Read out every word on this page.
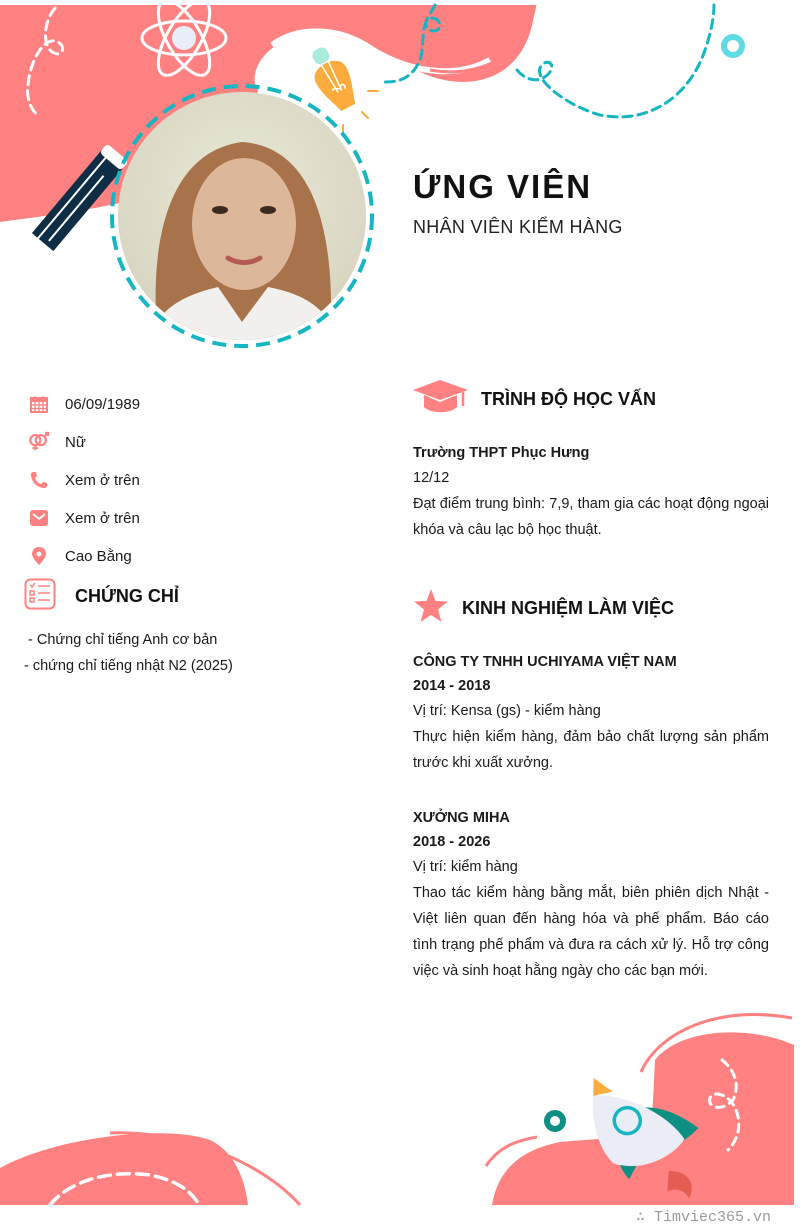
ỨNG VIÊN
NHÂN VIÊN KIỂM HÀNG
06/09/1989
Nữ
Xem ở trên
Xem ở trên
Cao Bằng
CHỨNG CHỈ
- Chứng chỉ tiếng Anh cơ bản
- chứng chỉ tiếng nhật N2 (2025)
TRÌNH ĐỘ HỌC VẤN
Trường THPT Phục Hưng
12/12
Đạt điểm trung bình: 7,9, tham gia các hoạt động ngoại khóa và câu lạc bộ học thuật.
KINH NGHIỆM LÀM VIỆC
CÔNG TY TNHH UCHIYAMA VIỆT NAM
2014 - 2018
Vị trí: Kensa (gs) - kiểm hàng
Thực hiện kiểm hàng, đảm bảo chất lượng sản phẩm trước khi xuất xưởng.
XƯỞNG MIHA
2018 - 2026
Vị trí: kiểm hàng
Thao tác kiểm hàng bằng mắt, biên phiên dịch Nhật - Việt liên quan đến hàng hóa và phế phẩm. Báo cáo tình trạng phế phẩm và đưa ra cách xử lý. Hỗ trợ công việc và sinh hoạt hằng ngày cho các bạn mới.
∴ Timviec365.vn
